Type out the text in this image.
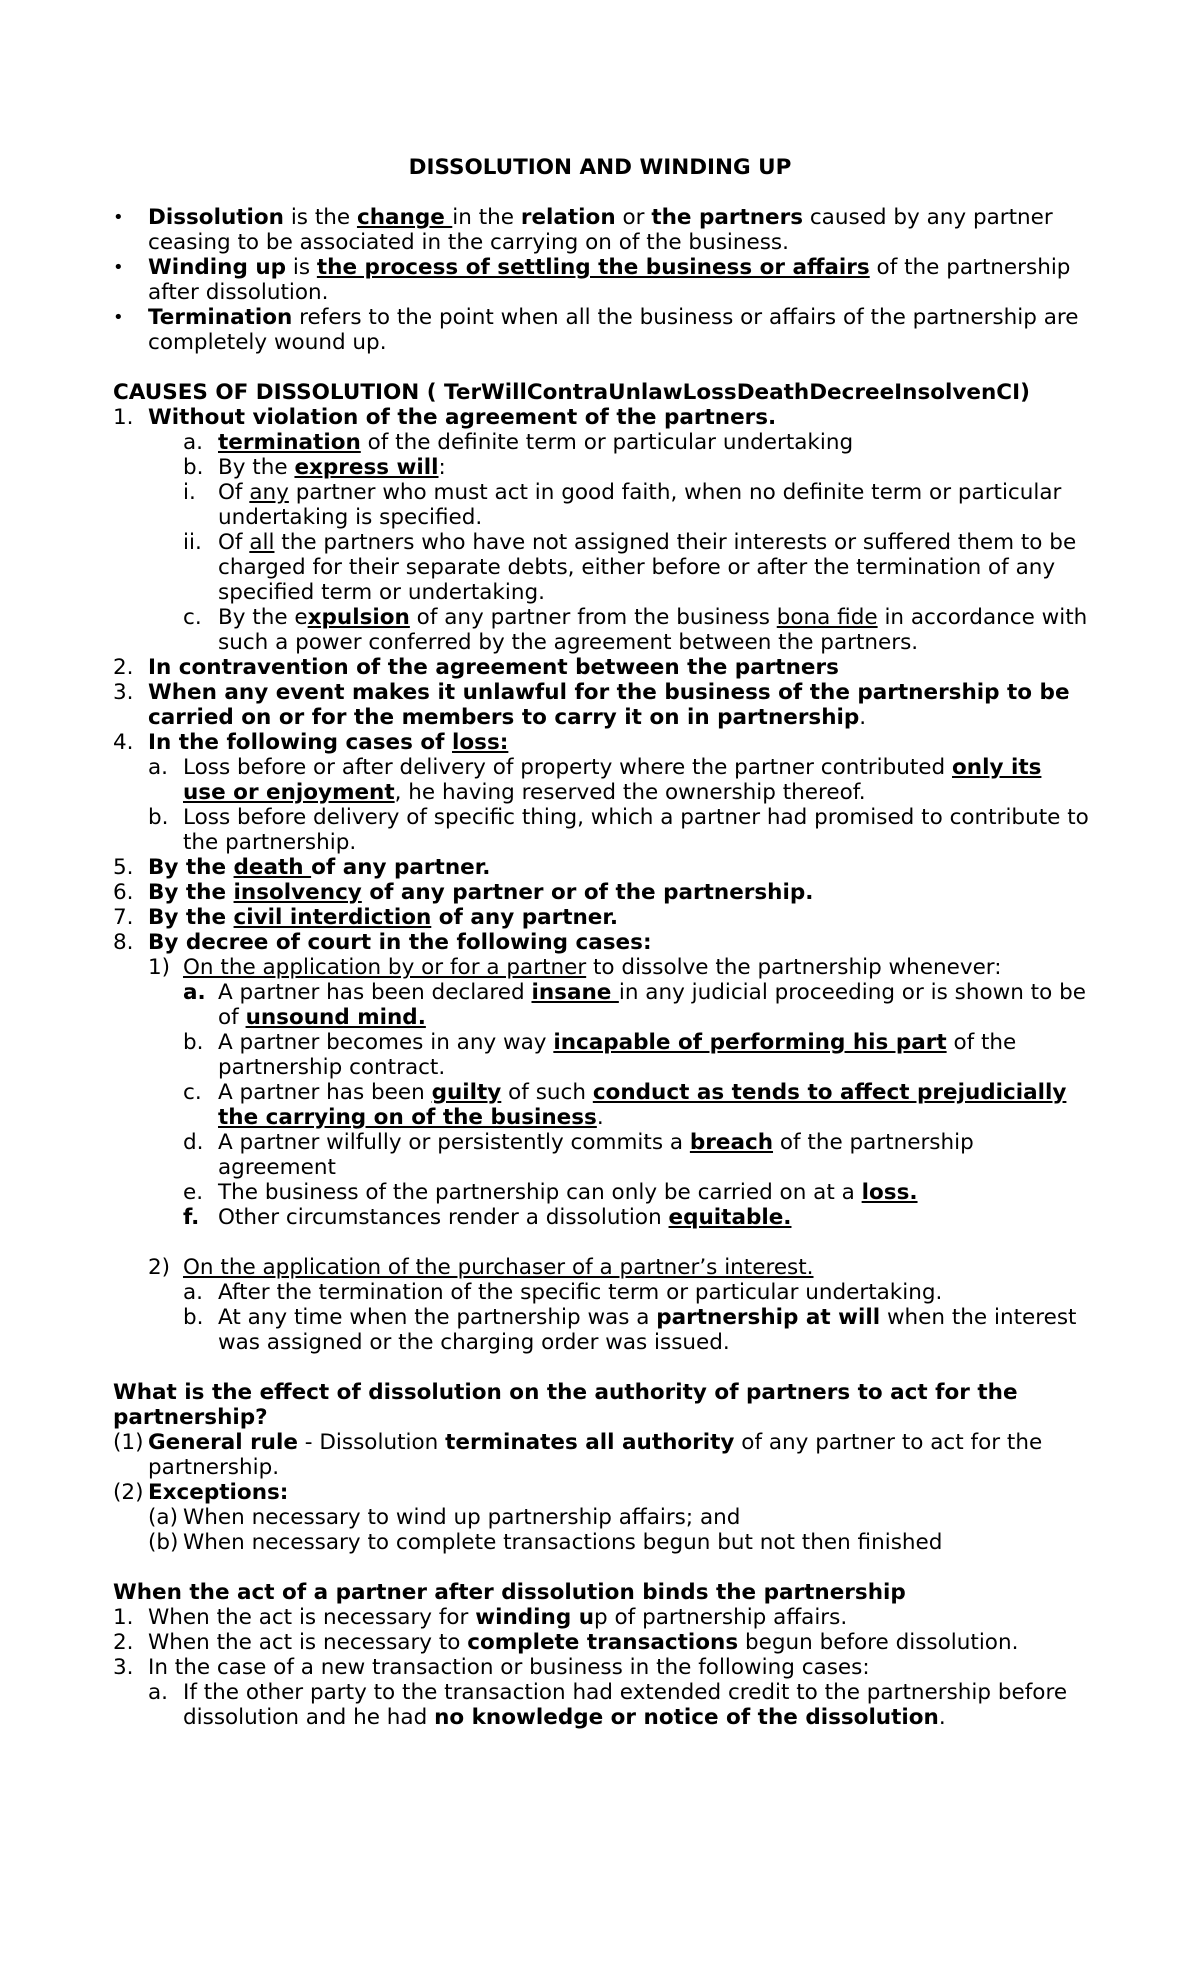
DISSOLUTION AND WINDING UP
• Dissolution is the change in the relation or the partners caused by any partner ceasing to be associated in the carrying on of the business.
• Winding up is the process of settling the business or affairs of the partnership after dissolution.
• Termination refers to the point when all the business or affairs of the partnership are completely wound up.
CAUSES OF DISSOLUTION ( TerWillContraUnlawLossDeathDecreeInsolvenCI)
1. Without violation of the agreement of the partners.
a. termination of the definite term or particular undertaking
b. By the express will:
i. Of any partner who must act in good faith, when no definite term or particular undertaking is specified.
ii. Of all the partners who have not assigned their interests or suffered them to be charged for their separate debts, either before or after the termination of any specified term or undertaking.
c. By the expulsion of any partner from the business bona fide in accordance with such a power conferred by the agreement between the partners.
2. In contravention of the agreement between the partners
3. When any event makes it unlawful for the business of the partnership to be carried on or for the members to carry it on in partnership.
4. In the following cases of loss:
a. Loss before or after delivery of property where the partner contributed only its use or enjoyment, he having reserved the ownership thereof.
b. Loss before delivery of specific thing, which a partner had promised to contribute to the partnership.
5. By the death of any partner.
6. By the insolvency of any partner or of the partnership.
7. By the civil interdiction of any partner.
8. By decree of court in the following cases:
1) On the application by or for a partner to dissolve the partnership whenever:
a. A partner has been declared insane in any judicial proceeding or is shown to be of unsound mind.
b. A partner becomes in any way incapable of performing his part of the partnership contract.
c. A partner has been guilty of such conduct as tends to affect prejudicially the carrying on of the business.
d. A partner wilfully or persistently commits a breach of the partnership agreement
e. The business of the partnership can only be carried on at a loss.
f. Other circumstances render a dissolution equitable.
2) On the application of the purchaser of a partner’s interest.
a. After the termination of the specific term or particular undertaking.
b. At any time when the partnership was a partnership at will when the interest was assigned or the charging order was issued.
What is the effect of dissolution on the authority of partners to act for the partnership?
(1) General rule - Dissolution terminates all authority of any partner to act for the partnership.
(2) Exceptions:
(a) When necessary to wind up partnership affairs; and
(b) When necessary to complete transactions begun but not then finished
When the act of a partner after dissolution binds the partnership
1. When the act is necessary for winding up of partnership affairs.
2. When the act is necessary to complete transactions begun before dissolution.
3. In the case of a new transaction or business in the following cases:
a. If the other party to the transaction had extended credit to the partnership before dissolution and he had no knowledge or notice of the dissolution.
